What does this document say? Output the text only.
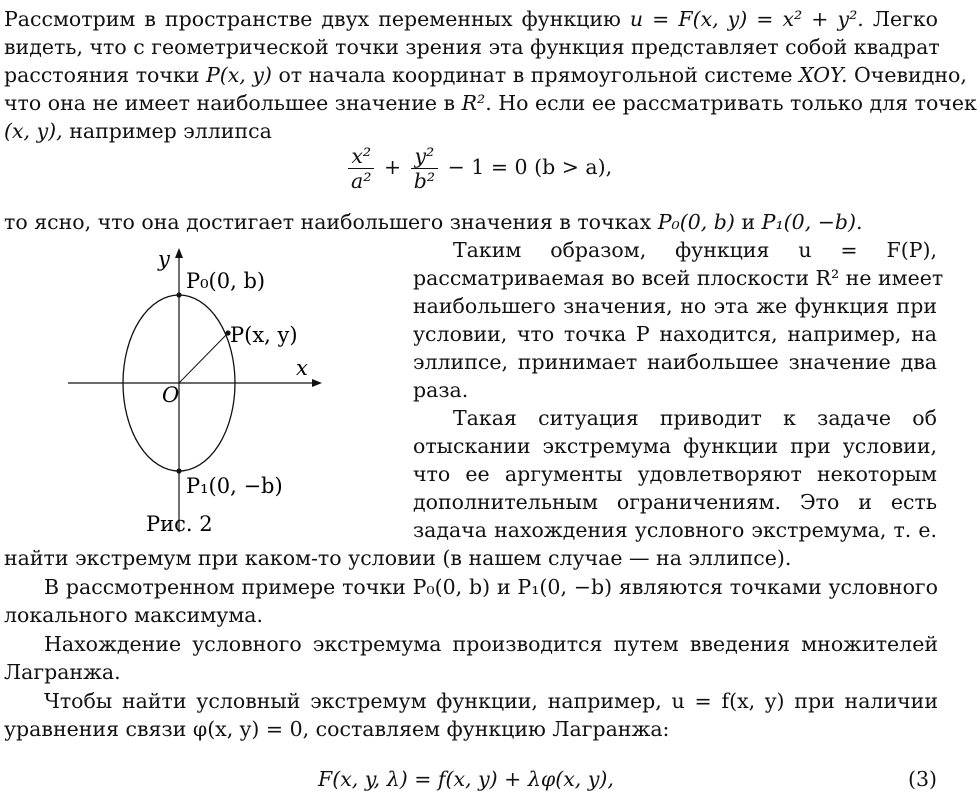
Рассмотрим в пространстве двух переменных функцию u = F(x, y) = x² + y². Легко
видеть, что с геометрической точки зрения эта функция представляет собой квадрат
расстояния точки P(x, y) от начала координат в прямоугольной системе XOY. Очевидно,
что она не имеет наибольшее значение в R². Но если ее рассматривать только для точек
(x, y), например эллипса
$\frac{\text{x²}}{\text{a²}} + \frac{\text{y²}}{\text{b²}} - 1 = 0$ (b > a),
то ясно, что она достигает наибольшего значения в точках P₀(0, b) и P₁(0, −b).
y
x
O
P₀(0, b)
P(x, y)
P₁(0, −b)
Рис. 2
Таким образом, функция u = F(P),
рассматриваемая во всей плоскости R² не имеет
наибольшего значения, но эта же функция при
условии, что точка P находится, например, на
эллипсе, принимает наибольшее значение два
раза.
Такая ситуация приводит к задаче об
отыскании экстремума функции при условии,
что ее аргументы удовлетворяют некоторым
дополнительным ограничениям. Это и есть
задача нахождения условного экстремума, т. е.
найти экстремум при каком-то условии (в нашем случае — на эллипсе).
В рассмотренном примере точки P₀(0, b) и P₁(0, −b) являются точками условного
локального максимума.
Нахождение условного экстремума производится путем введения множителей
Лагранжа.
Чтобы найти условный экстремум функции, например, u = f(x, y) при наличии
уравнения связи φ(x, y) = 0, составляем функцию Лагранжа:
F(x, y, λ) = f(x, y) + λφ(x, y),	(3)
